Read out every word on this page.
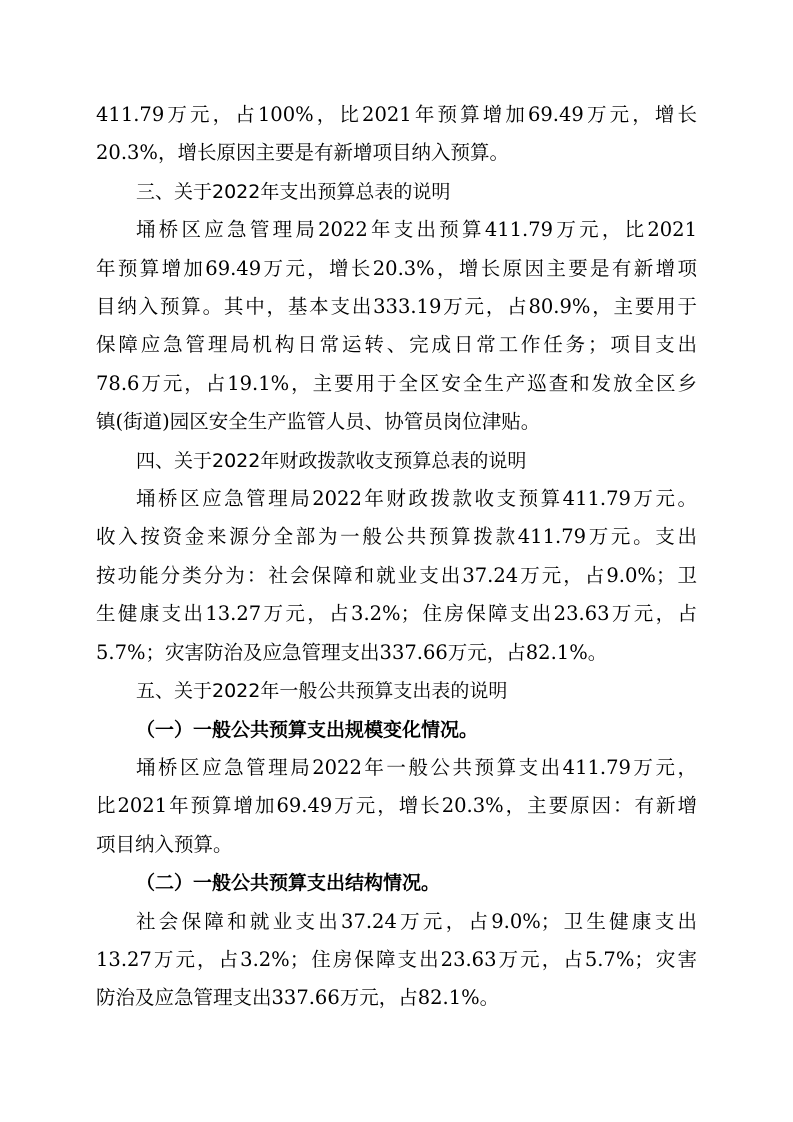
411.79万元，占100%，比2021年预算增加69.49万元，增长
20.3%，增长原因主要是有新增项目纳入预算。
三、关于2022年支出预算总表的说明
埇桥区应急管理局2022年支出预算411.79万元，比2021
年预算增加69.49万元，增长20.3%，增长原因主要是有新增项
目纳入预算。其中，基本支出333.19万元，占80.9%，主要用于
保障应急管理局机构日常运转、完成日常工作任务；项目支出
78.6万元，占19.1%，主要用于全区安全生产巡查和发放全区乡
镇(街道)园区安全生产监管人员、协管员岗位津贴。
四、关于2022年财政拨款收支预算总表的说明
埇桥区应急管理局2022年财政拨款收支预算411.79万元。
收入按资金来源分全部为一般公共预算拨款411.79万元。支出
按功能分类分为：社会保障和就业支出37.24万元，占9.0%；卫
生健康支出13.27万元，占3.2%；住房保障支出23.63万元，占
5.7%；灾害防治及应急管理支出337.66万元，占82.1%。
五、关于2022年一般公共预算支出表的说明
（一）一般公共预算支出规模变化情况。
埇桥区应急管理局2022年一般公共预算支出411.79万元，
比2021年预算增加69.49万元，增长20.3%，主要原因：有新增
项目纳入预算。
（二）一般公共预算支出结构情况。
社会保障和就业支出37.24万元，占9.0%；卫生健康支出
13.27万元，占3.2%；住房保障支出23.63万元，占5.7%；灾害
防治及应急管理支出337.66万元，占82.1%。
